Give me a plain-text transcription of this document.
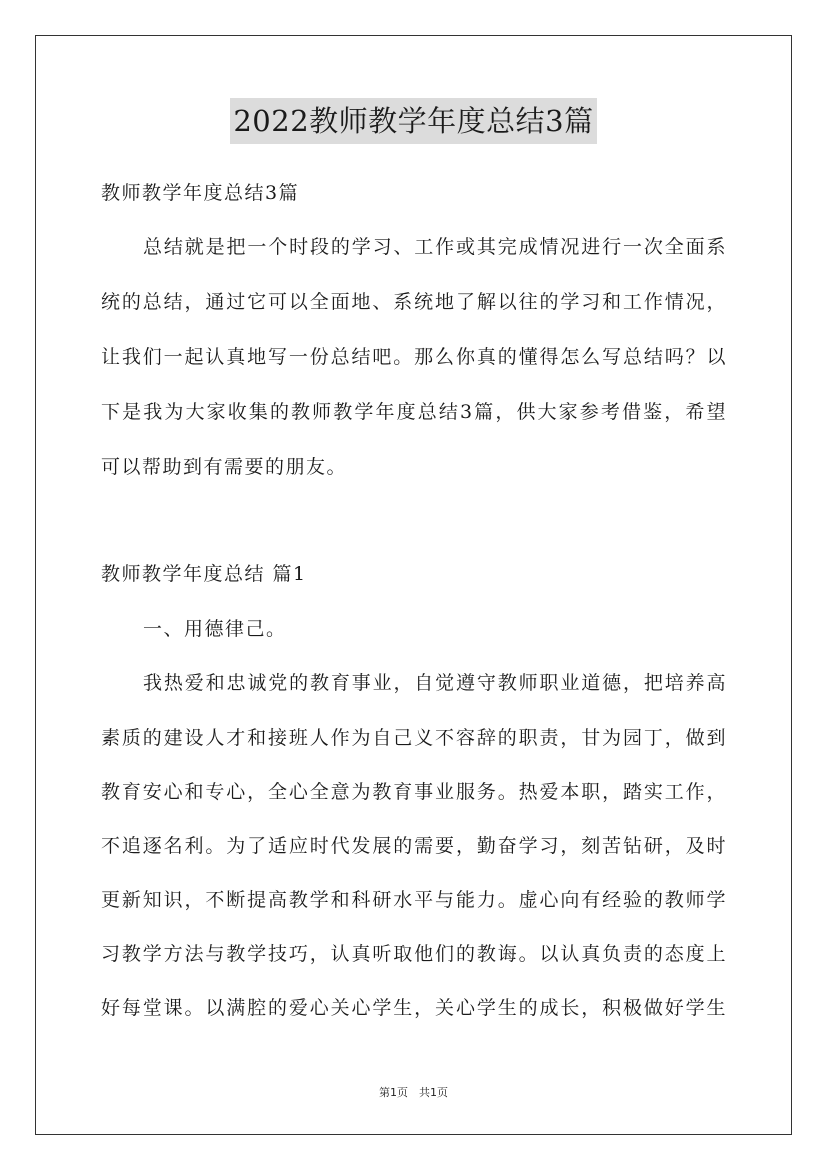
2022教师教学年度总结3篇
教师教学年度总结3篇
总结就是把一个时段的学习、工作或其完成情况进行一次全面系
统的总结，通过它可以全面地、系统地了解以往的学习和工作情况，
让我们一起认真地写一份总结吧。那么你真的懂得怎么写总结吗？以
下是我为大家收集的教师教学年度总结3篇，供大家参考借鉴，希望
可以帮助到有需要的朋友。
教师教学年度总结 篇1
一、用德律己。
我热爱和忠诚党的教育事业，自觉遵守教师职业道德，把培养高
素质的建设人才和接班人作为自己义不容辞的职责，甘为园丁，做到
教育安心和专心，全心全意为教育事业服务。热爱本职，踏实工作，
不追逐名利。为了适应时代发展的需要，勤奋学习，刻苦钻研，及时
更新知识，不断提高教学和科研水平与能力。虚心向有经验的教师学
习教学方法与教学技巧，认真听取他们的教诲。以认真负责的态度上
好每堂课。以满腔的爱心关心学生，关心学生的成长，积极做好学生
第1页　共1页
